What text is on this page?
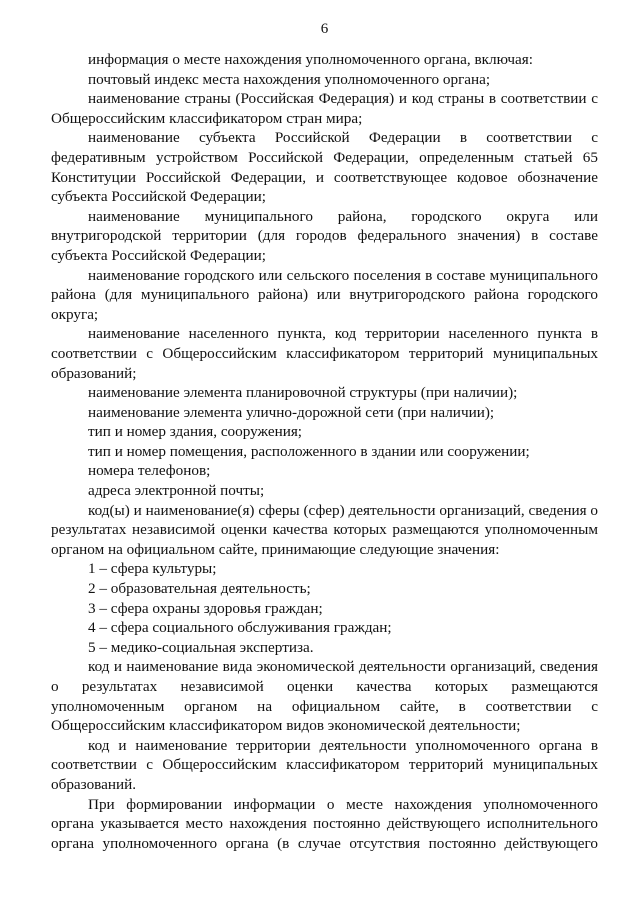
6

информация о месте нахождения уполномоченного органа, включая:

почтовый индекс места нахождения уполномоченного органа;

наименование страны (Российская Федерация) и код страны в соответствии с Общероссийским классификатором стран мира;

наименование субъекта Российской Федерации в соответствии с федеративным устройством Российской Федерации, определенным статьей 65 Конституции Российской Федерации, и соответствующее кодовое обозначение субъекта Российской Федерации;

наименование муниципального района, городского округа или внутригородской территории (для городов федерального значения) в составе субъекта Российской Федерации;

наименование городского или сельского поселения в составе муниципального района (для муниципального района) или внутригородского района городского округа;

наименование населенного пункта, код территории населенного пункта в соответствии с Общероссийским классификатором территорий муниципальных образований;

наименование элемента планировочной структуры (при наличии);

наименование элемента улично-дорожной сети (при наличии);

тип и номер здания, сооружения;

тип и номер помещения, расположенного в здании или сооружении;

номера телефонов;

адреса электронной почты;

код(ы) и наименование(я) сферы (сфер) деятельности организаций, сведения о результатах независимой оценки качества которых размещаются уполномоченным органом на официальном сайте, принимающие следующие значения:

1 – сфера культуры;

2 – образовательная деятельность;

3 – сфера охраны здоровья граждан;

4 – сфера социального обслуживания граждан;

5 – медико-социальная экспертиза.

код и наименование вида экономической деятельности организаций, сведения о результатах независимой оценки качества которых размещаются уполномоченным органом на официальном сайте, в соответствии с Общероссийским классификатором видов экономической деятельности;

код и наименование территории деятельности уполномоченного органа в соответствии с Общероссийским классификатором территорий муниципальных образований.

При формировании информации о месте нахождения уполномоченного органа указывается место нахождения постоянно действующего исполнительного органа уполномоченного органа (в случае отсутствия постоянно действующего
